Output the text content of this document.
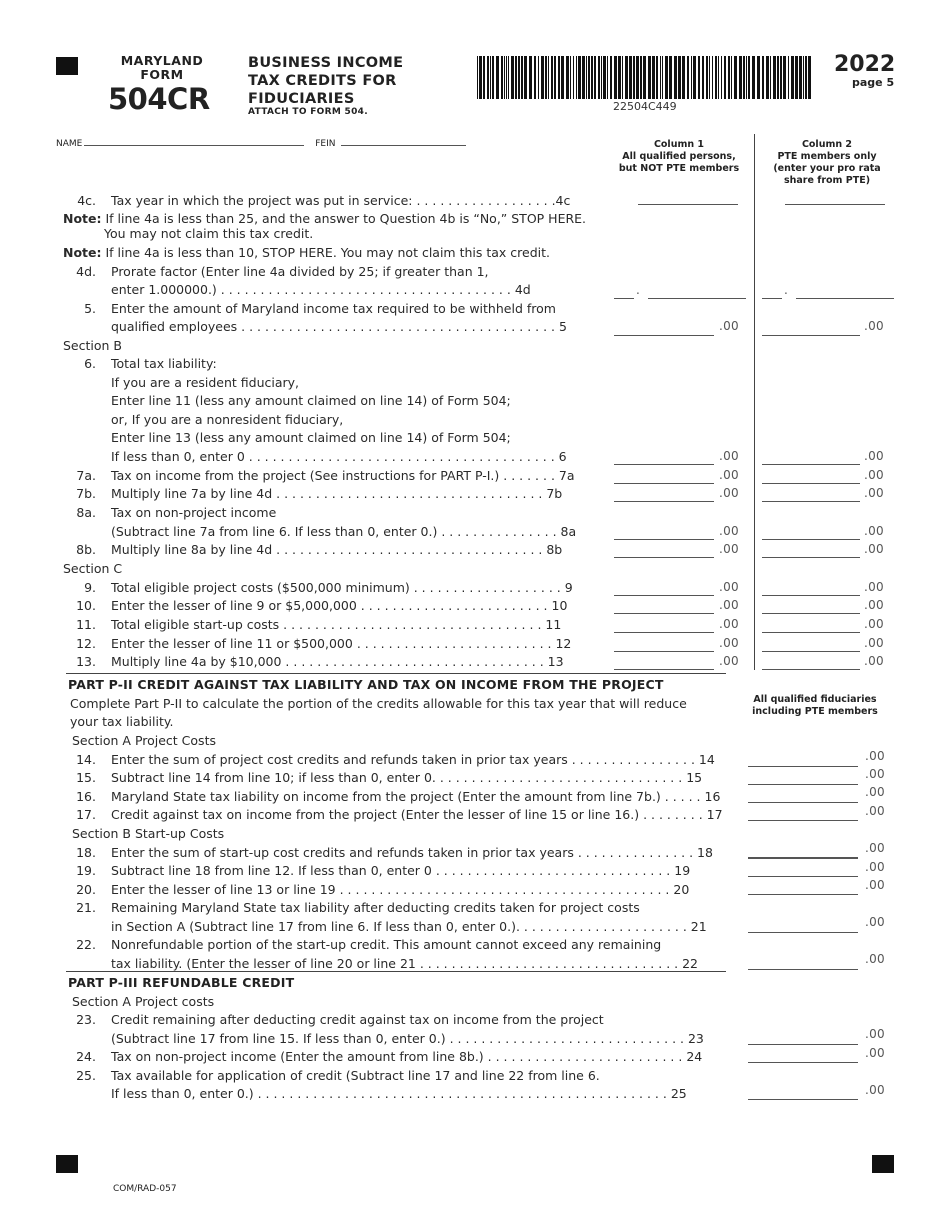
MARYLAND
FORM
504CR
BUSINESS INCOME
TAX CREDITS FOR
FIDUCIARIES
ATTACH TO FORM 504.	22504C449
2022
page 5
NAME	FEIN	Column 1
All qualified persons,
but NOT PTE members
Column 2
PTE members only
(enter your pro rata
share from PTE)
4c. Tax year in which the project was put in service: . . . . . . . . . . . . . . . . . .4c
Note: If line 4a is less than 25, and the answer to Question 4b is “No,” STOP HERE.
You may not claim this tax credit.
Note: If line 4a is less than 10, STOP HERE. You may not claim this tax credit.
4d. Prorate factor (Enter line 4a divided by 25; if greater than 1,
enter 1.000000.) . . . . . . . . . . . . . . . . . . . . . . . . . . . . . . . . . . . . . 4d	.	.
5. Enter the amount of Maryland income tax required to be withheld from
qualified employees . . . . . . . . . . . . . . . . . . . . . . . . . . . . . . . . . . . . . . . . 5	.00	.00
Section B
6. Total tax liability:
If you are a resident fiduciary,
Enter line 11 (less any amount claimed on line 14) of Form 504;
or, If you are a nonresident fiduciary,
Enter line 13 (less any amount claimed on line 14) of Form 504;
If less than 0, enter 0 . . . . . . . . . . . . . . . . . . . . . . . . . . . . . . . . . . . . . . . 6	.00	.00
7a. Tax on income from the project (See instructions for PART P-I.) . . . . . . . 7a	.00	.00
7b. Multiply line 7a by line 4d . . . . . . . . . . . . . . . . . . . . . . . . . . . . . . . . . . 7b	.00	.00
8a. Tax on non-project income
(Subtract line 7a from line 6. If less than 0, enter 0.) . . . . . . . . . . . . . . . 8a	.00	.00
8b. Multiply line 8a by line 4d . . . . . . . . . . . . . . . . . . . . . . . . . . . . . . . . . . 8b	.00	.00
Section C
9. Total eligible project costs ($500,000 minimum) . . . . . . . . . . . . . . . . . . . 9	.00	.00
10. Enter the lesser of line 9 or $5,000,000 . . . . . . . . . . . . . . . . . . . . . . . . 10	.00	.00
11. Total eligible start-up costs . . . . . . . . . . . . . . . . . . . . . . . . . . . . . . . . . 11	.00	.00
12. Enter the lesser of line 11 or $500,000 . . . . . . . . . . . . . . . . . . . . . . . . . 12	.00	.00
13. Multiply line 4a by $10,000 . . . . . . . . . . . . . . . . . . . . . . . . . . . . . . . . . 13	.00	.00
PART P-II CREDIT AGAINST TAX LIABILITY AND TAX ON INCOME FROM THE PROJECT
All qualified fiduciaries
including PTE members
Complete Part P-II to calculate the portion of the credits allowable for this tax year that will reduce
your tax liability.
Section A Project Costs
14. Enter the sum of project cost credits and refunds taken in prior tax years . . . . . . . . . . . . . . . . 14	.00
15. Subtract line 14 from line 10; if less than 0, enter 0. . . . . . . . . . . . . . . . . . . . . . . . . . . . . . . . 15	.00
16. Maryland State tax liability on income from the project (Enter the amount from line 7b.) . . . . . 16	.00
17. Credit against tax on income from the project (Enter the lesser of line 15 or line 16.) . . . . . . . . 17	.00
Section B Start-up Costs
18. Enter the sum of start-up cost credits and refunds taken in prior tax years . . . . . . . . . . . . . . . 18	.00
19. Subtract line 18 from line 12. If less than 0, enter 0 . . . . . . . . . . . . . . . . . . . . . . . . . . . . . . 19	.00
20. Enter the lesser of line 13 or line 19 . . . . . . . . . . . . . . . . . . . . . . . . . . . . . . . . . . . . . . . . . . 20	.00
21. Remaining Maryland State tax liability after deducting credits taken for project costs
in Section A (Subtract line 17 from line 6. If less than 0, enter 0.). . . . . . . . . . . . . . . . . . . . . . 21	.00
22. Nonrefundable portion of the start-up credit. This amount cannot exceed any remaining
tax liability. (Enter the lesser of line 20 or line 21 . . . . . . . . . . . . . . . . . . . . . . . . . . . . . . . . . 22	.00
PART P-III REFUNDABLE CREDIT
Section A Project costs
23. Credit remaining after deducting credit against tax on income from the project
(Subtract line 17 from line 15. If less than 0, enter 0.) . . . . . . . . . . . . . . . . . . . . . . . . . . . . . . 23	.00
24. Tax on non-project income (Enter the amount from line 8b.) . . . . . . . . . . . . . . . . . . . . . . . . . 24	.00
25. Tax available for application of credit (Subtract line 17 and line 22 from line 6.
If less than 0, enter 0.) . . . . . . . . . . . . . . . . . . . . . . . . . . . . . . . . . . . . . . . . . . . . . . . . . . . . 25	.00
COM/RAD-057
